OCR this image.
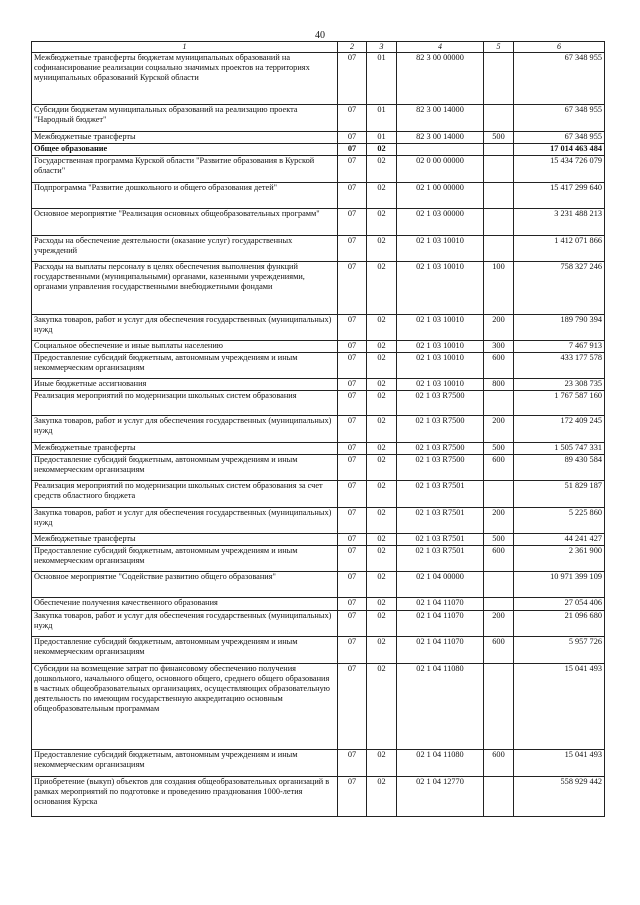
40
1	2	3	4	5	6
Межбюджетные трансферты бюджетам муниципальных образований на софинансирование реализации социально значимых проектов на территориях муниципальных образований Курской области	07	01	82 3 00 00000		67 348 955
Субсидии бюджетам муниципальных образований на реализацию проекта "Народный бюджет"	07	01	82 3 00 14000		67 348 955
Межбюджетные трансферты	07	01	82 3 00 14000	500	67 348 955
Общее образование	07	02			17 014 463 484
Государственная программа Курской области "Развитие образования в Курской области"	07	02	02 0 00 00000		15 434 726 079
Подпрограмма "Развитие дошкольного и общего образования детей"	07	02	02 1 00 00000		15 417 299 640
Основное мероприятие "Реализация основных общеобразовательных программ"	07	02	02 1 03 00000		3 231 488 213
Расходы на обеспечение деятельности (оказание услуг) государственных учреждений	07	02	02 1 03 10010		1 412 071 866
Расходы на выплаты персоналу в целях обеспечения выполнения функций государственными (муниципальными) органами, казенными учреждениями, органами управления государственными внебюджетными фондами	07	02	02 1 03 10010	100	758 327 246
Закупка товаров, работ и услуг для обеспечения государственных (муниципальных) нужд	07	02	02 1 03 10010	200	189 790 394
Социальное обеспечение и иные выплаты населению	07	02	02 1 03 10010	300	7 467 913
Предоставление субсидий бюджетным, автономным учреждениям и иным некоммерческим организациям	07	02	02 1 03 10010	600	433 177 578
Иные бюджетные ассигнования	07	02	02 1 03 10010	800	23 308 735
Реализация мероприятий по модернизации школьных систем образования	07	02	02 1 03 R7500		1 767 587 160
Закупка товаров, работ и услуг для обеспечения государственных (муниципальных) нужд	07	02	02 1 03 R7500	200	172 409 245
Межбюджетные трансферты	07	02	02 1 03 R7500	500	1 505 747 331
Предоставление субсидий бюджетным, автономным учреждениям и иным некоммерческим организациям	07	02	02 1 03 R7500	600	89 430 584
Реализация мероприятий по модернизации школьных систем образования за счет средств областного бюджета	07	02	02 1 03 R7501		51 829 187
Закупка товаров, работ и услуг для обеспечения государственных (муниципальных) нужд	07	02	02 1 03 R7501	200	5 225 860
Межбюджетные трансферты	07	02	02 1 03 R7501	500	44 241 427
Предоставление субсидий бюджетным, автономным учреждениям и иным некоммерческим организациям	07	02	02 1 03 R7501	600	2 361 900
Основное мероприятие "Содействие развитию общего образования"	07	02	02 1 04 00000		10 971 399 109
Обеспечение получения качественного образования	07	02	02 1 04 11070		27 054 406
Закупка товаров, работ и услуг для обеспечения государственных (муниципальных) нужд	07	02	02 1 04 11070	200	21 096 680
Предоставление субсидий бюджетным, автономным учреждениям и иным некоммерческим организациям	07	02	02 1 04 11070	600	5 957 726
Субсидии на возмещение затрат по финансовому обеспечению получения дошкольного, начального общего, основного общего, среднего общего образования в частных общеобразовательных организациях, осуществляющих образовательную деятельность по имеющим государственную аккредитацию основным общеобразовательным программам	07	02	02 1 04 11080		15 041 493
Предоставление субсидий бюджетным, автономным учреждениям и иным некоммерческим организациям	07	02	02 1 04 11080	600	15 041 493
Приобретение (выкуп) объектов для создания общеобразовательных организаций в рамках мероприятий по подготовке и проведению празднования 1000-летия основания Курска	07	02	02 1 04 12770		558 929 442
